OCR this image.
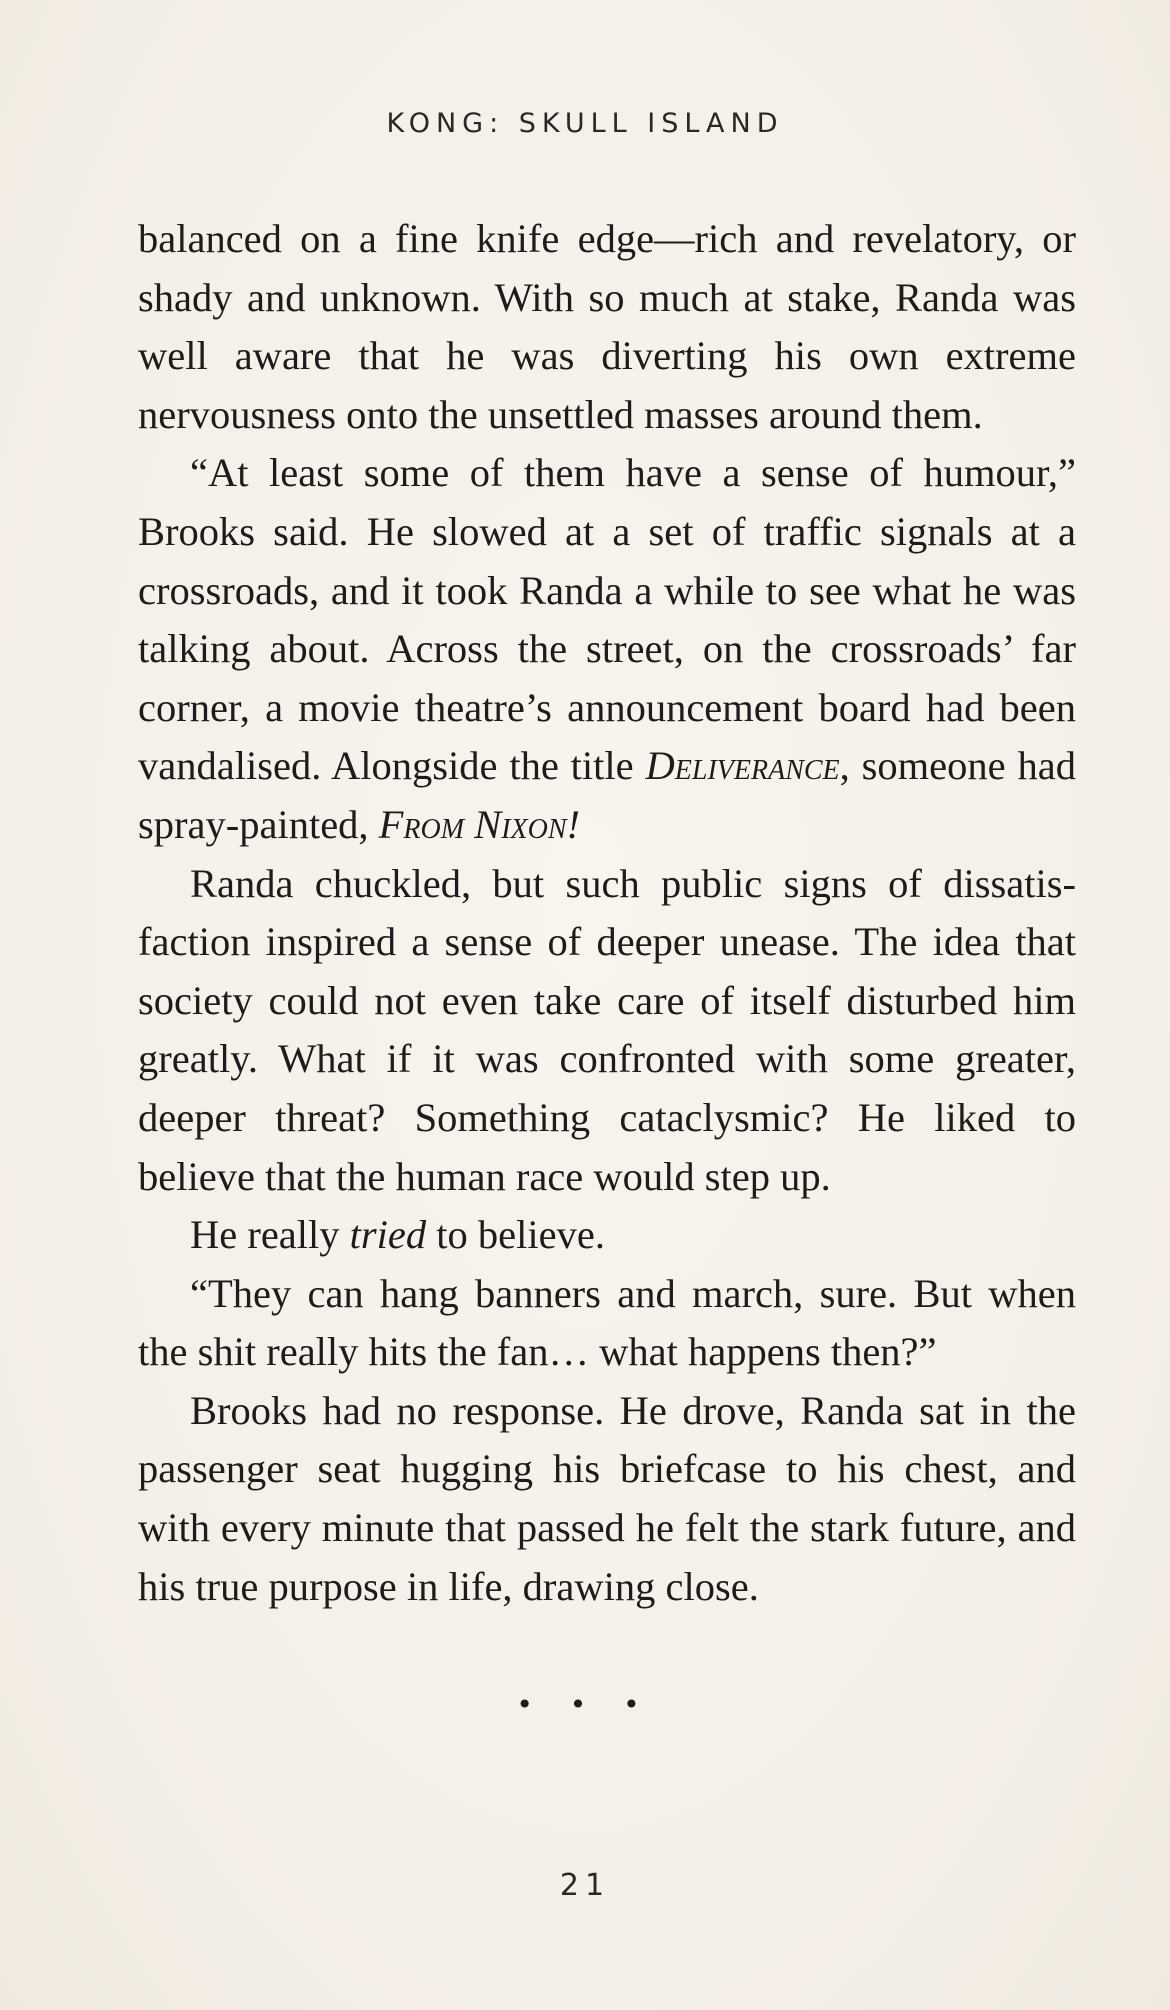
KONG: SKULL ISLAND

balanced on a fine knife edge—rich and revelatory, or shady and unknown. With so much at stake, Randa was well aware that he was diverting his own extreme nervousness onto the unsettled masses around them.

“At least some of them have a sense of humour,” Brooks said. He slowed at a set of traffic signals at a crossroads, and it took Randa a while to see what he was talking about. Across the street, on the crossroads’ far corner, a movie theatre’s announcement board had been vandalised. Alongside the title Deliverance, someone had spray-painted, From Nixon!

Randa chuckled, but such public signs of dissatisfaction inspired a sense of deeper unease. The idea that society could not even take care of itself disturbed him greatly. What if it was confronted with some greater, deeper threat? Something cataclysmic? He liked to believe that the human race would step up.

He really tried to believe.

“They can hang banners and march, sure. But when the shit really hits the fan… what happens then?”

Brooks had no response. He drove, Randa sat in the passenger seat hugging his briefcase to his chest, and with every minute that passed he felt the stark future, and his true purpose in life, drawing close.

• • •
21
